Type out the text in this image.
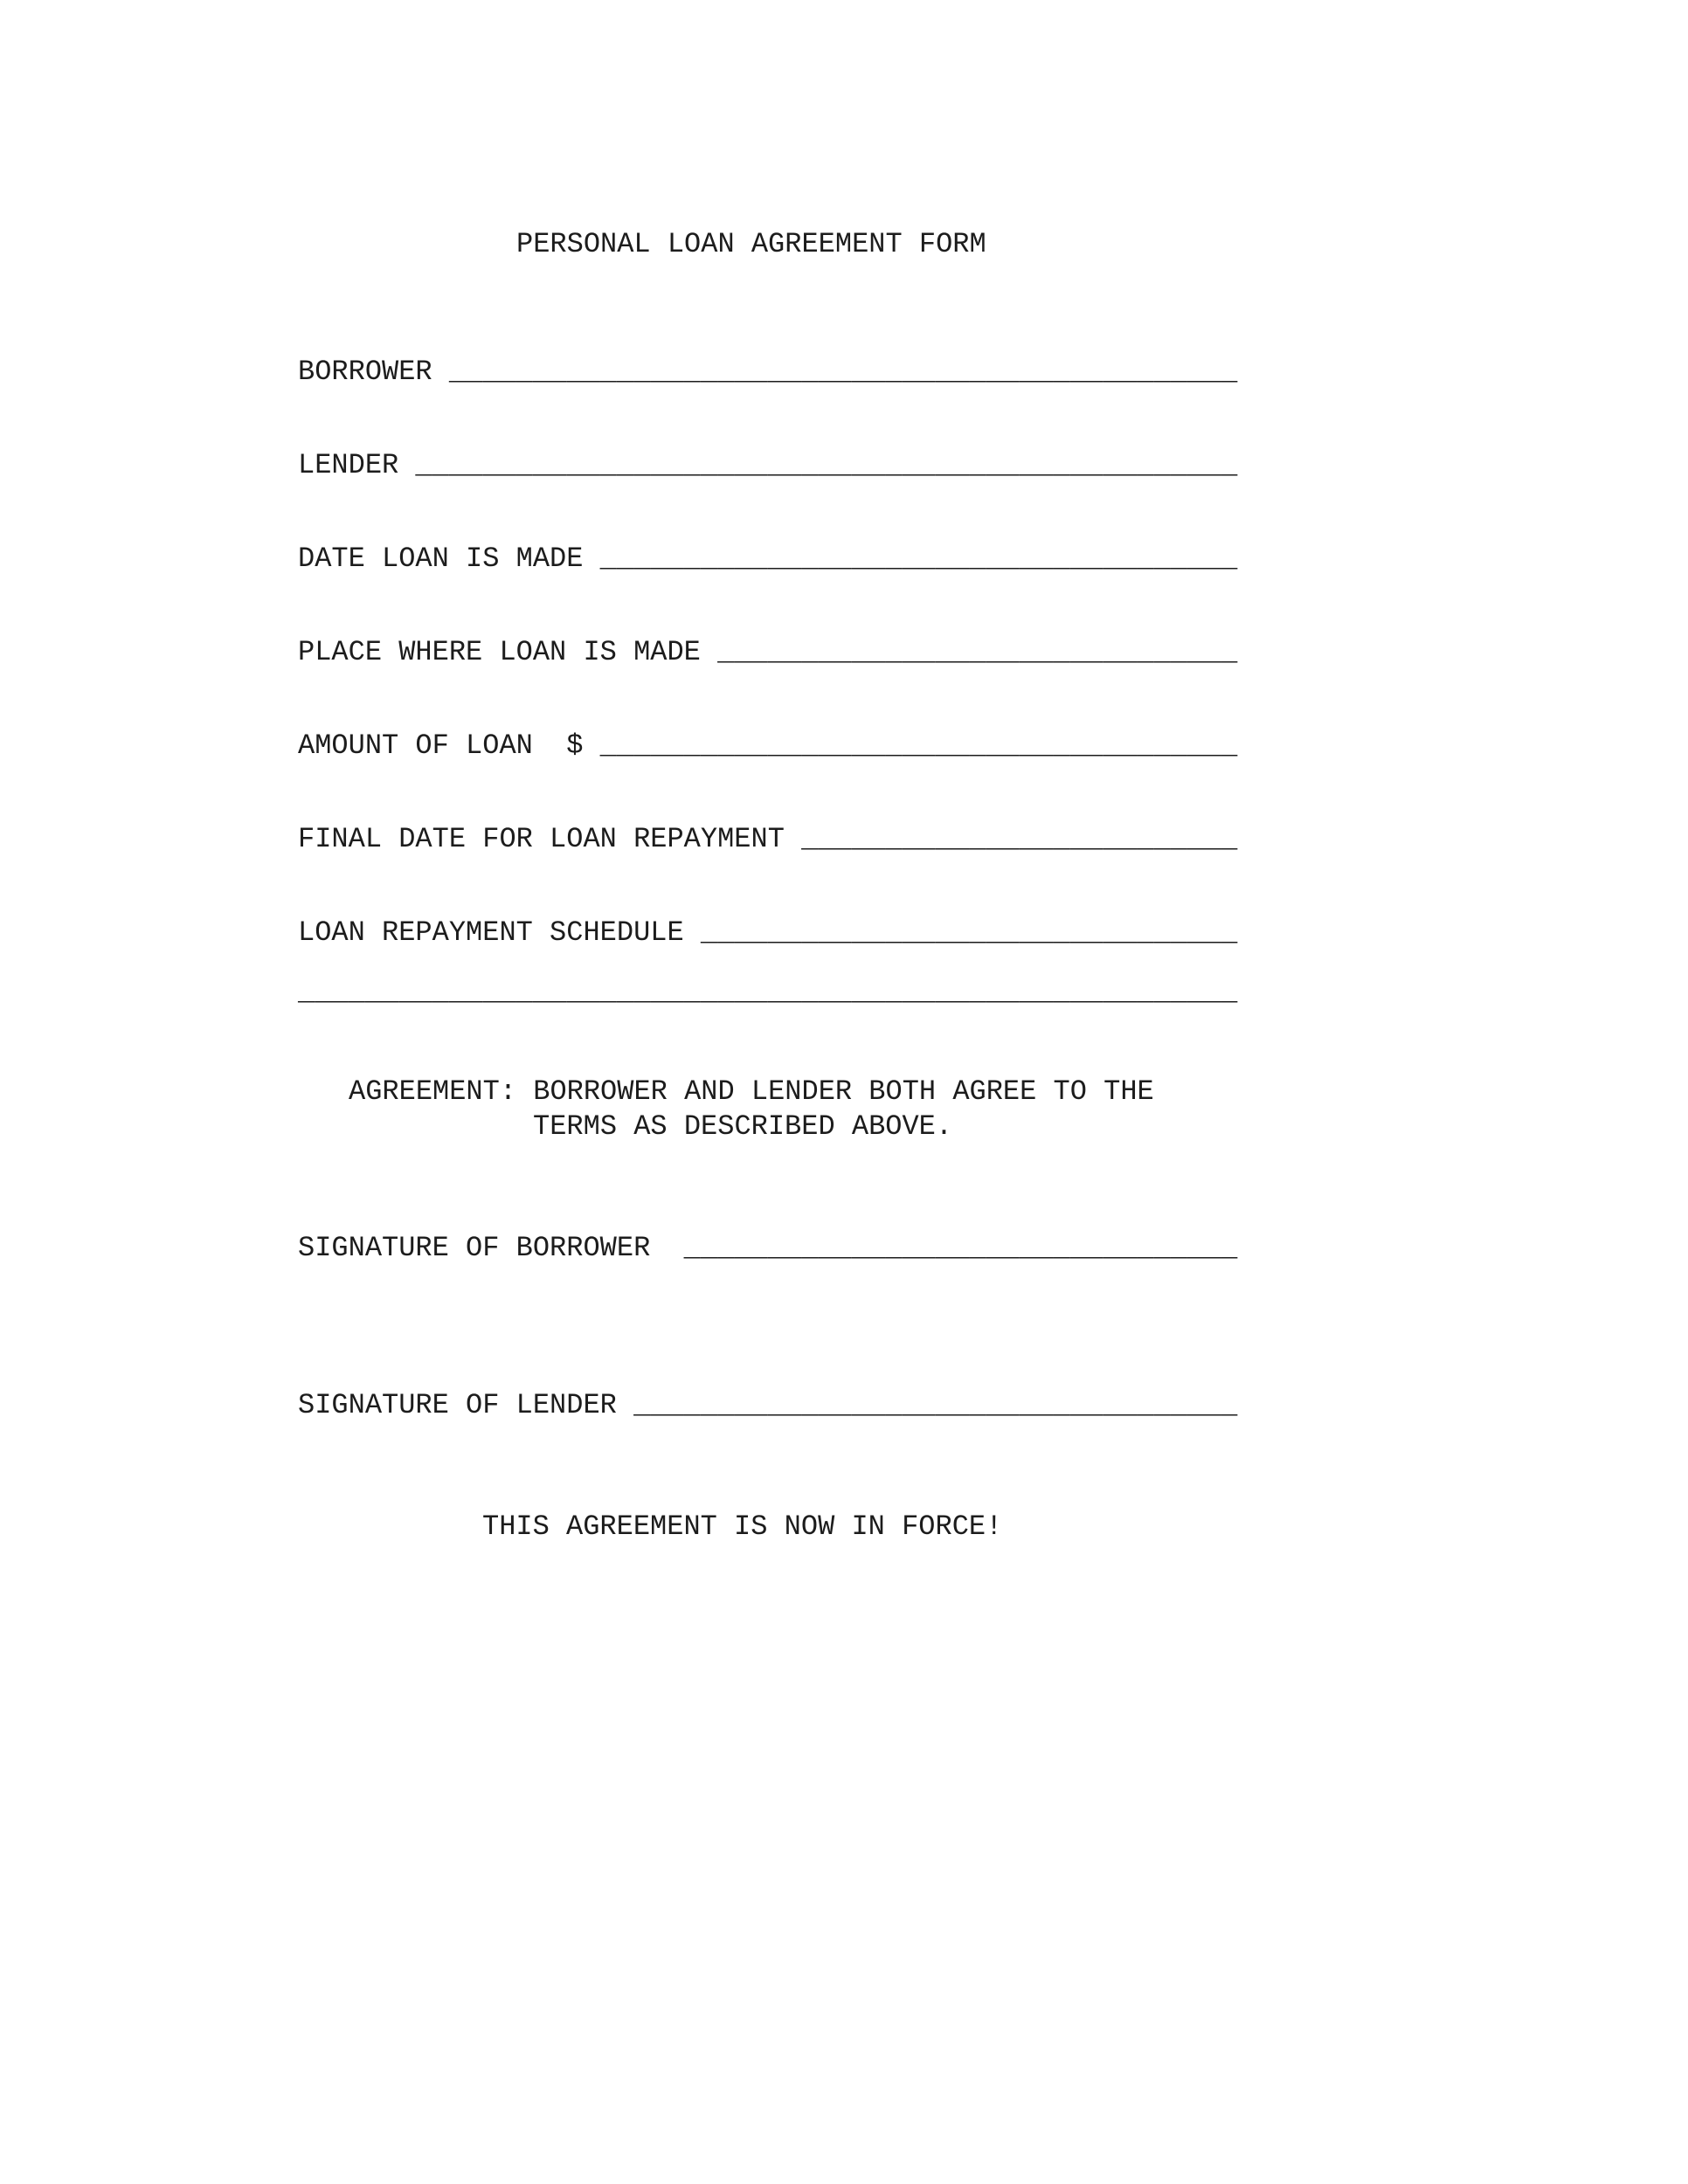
PERSONAL LOAN AGREEMENT FORM
BORROWER _______________________________________________
LENDER _________________________________________________
DATE LOAN IS MADE ______________________________________
PLACE WHERE LOAN IS MADE _______________________________
AMOUNT OF LOAN  $ ______________________________________
FINAL DATE FOR LOAN REPAYMENT __________________________
LOAN REPAYMENT SCHEDULE ________________________________
________________________________________________________
AGREEMENT: BORROWER AND LENDER BOTH AGREE TO THE
TERMS AS DESCRIBED ABOVE.
SIGNATURE OF BORROWER  _________________________________
SIGNATURE OF LENDER ____________________________________
THIS AGREEMENT IS NOW IN FORCE!
